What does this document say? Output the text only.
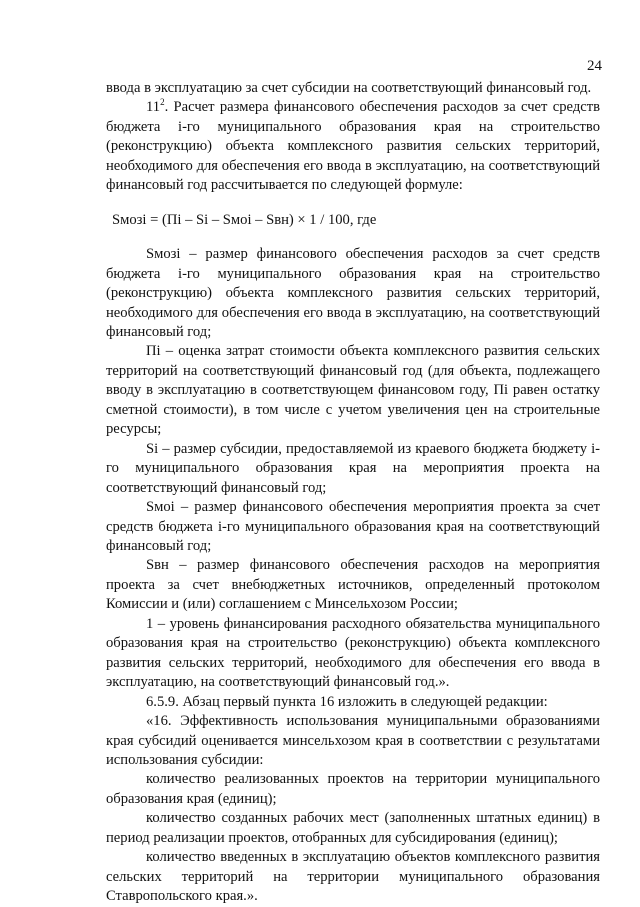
24

ввода в эксплуатацию за счет субсидии на соответствующий финансовый год.

$11^2$. Расчет размера финансового обеспечения расходов за счет средств бюджета i-го муниципального образования края на строительство (реконструкцию) объекта комплексного развития сельских территорий, необходимого для обеспечения его ввода в эксплуатацию, на соответствующий финансовый год рассчитывается по следующей формуле:

Sмозi = (Пi – Si – Sмоi – Sвн) × 1 / 100, где

Sмозi – размер финансового обеспечения расходов за счет средств бюджета i-го муниципального образования края на строительство (реконструкцию) объекта комплексного развития сельских территорий, необходимого для обеспечения его ввода в эксплуатацию, на соответствующий финансовый год;

Пi – оценка затрат стоимости объекта комплексного развития сельских территорий на соответствующий финансовый год (для объекта, подлежащего вводу в эксплуатацию в соответствующем финансовом году, Пi равен остатку сметной стоимости), в том числе с учетом увеличения цен на строительные ресурсы;

Si – размер субсидии, предоставляемой из краевого бюджета бюджету i-го муниципального образования края на мероприятия проекта на соответствующий финансовый год;

Sмоi – размер финансового обеспечения мероприятия проекта за счет средств бюджета i-го муниципального образования края на соответствующий финансовый год;

Sвн – размер финансового обеспечения расходов на мероприятия проекта за счет внебюджетных источников, определенный протоколом Комиссии и (или) соглашением с Минсельхозом России;

1 – уровень финансирования расходного обязательства муниципального образования края на строительство (реконструкцию) объекта комплексного развития сельских территорий, необходимого для обеспечения его ввода в эксплуатацию, на соответствующий финансовый год.».

6.5.9. Абзац первый пункта 16 изложить в следующей редакции:

«16. Эффективность использования муниципальными образованиями края субсидий оценивается минсельхозом края в соответствии с результатами использования субсидии:

количество реализованных проектов на территории муниципального образования края (единиц);

количество созданных рабочих мест (заполненных штатных единиц) в период реализации проектов, отобранных для субсидирования (единиц);

количество введенных в эксплуатацию объектов комплексного развития сельских территорий на территории муниципального образования Ставропольского края.».
